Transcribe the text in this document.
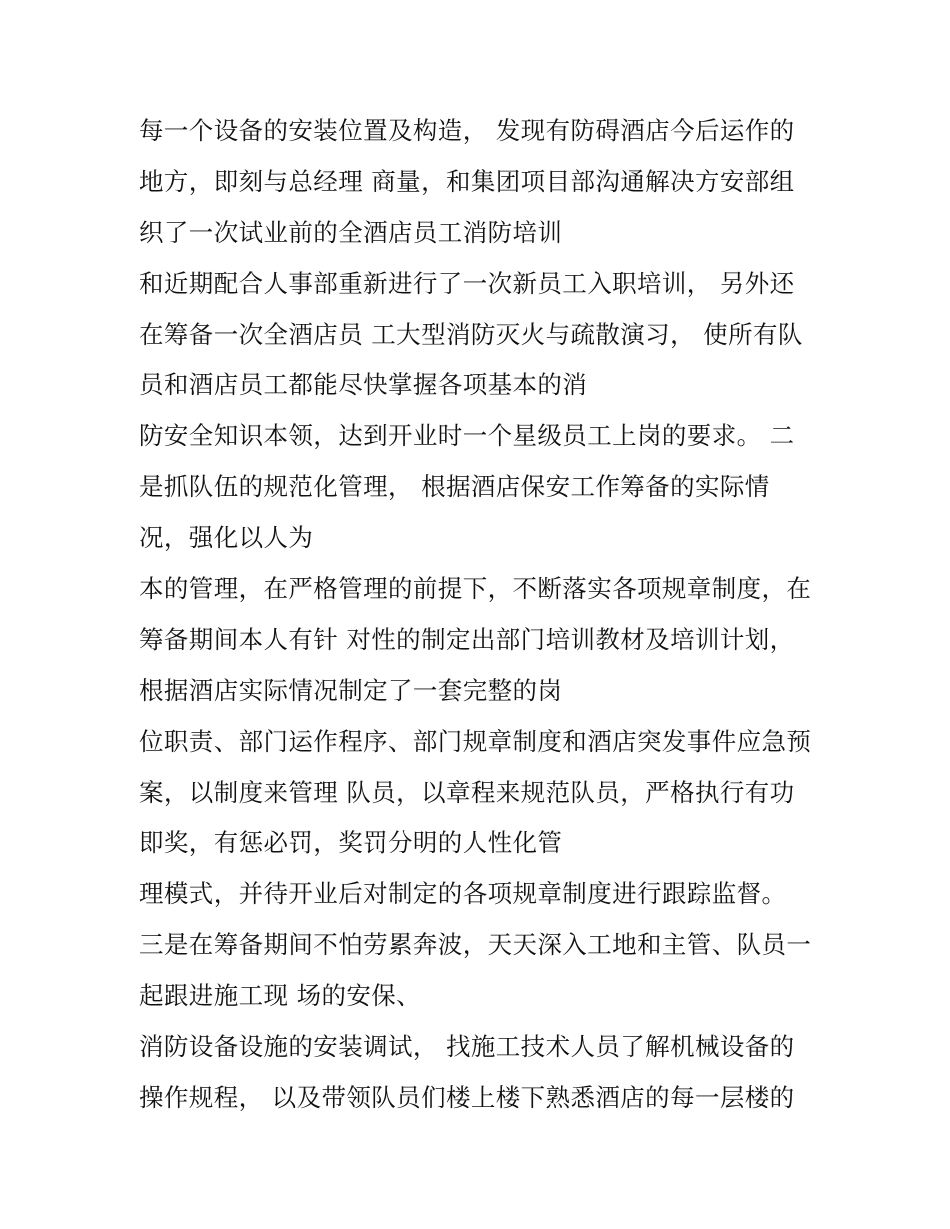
每一个设备的安装位置及构造， 发现有防碍酒店今后运作的
地方，即刻与总经理 商量，和集团项目部沟通解决方安部组
织了一次试业前的全酒店员工消防培训
和近期配合人事部重新进行了一次新员工入职培训， 另外还
在筹备一次全酒店员 工大型消防灭火与疏散演习， 使所有队
员和酒店员工都能尽快掌握各项基本的消
防安全知识本领，达到开业时一个星级员工上岗的要求。 二
是抓队伍的规范化管理， 根据酒店保安工作筹备的实际情
况，强化以人为
本的管理，在严格管理的前提下，不断落实各项规章制度，在
筹备期间本人有针 对性的制定出部门培训教材及培训计划，
根据酒店实际情况制定了一套完整的岗
位职责、部门运作程序、部门规章制度和酒店突发事件应急预
案，以制度来管理 队员，以章程来规范队员，严格执行有功
即奖，有惩必罚，奖罚分明的人性化管
理模式，并待开业后对制定的各项规章制度进行跟踪监督。
三是在筹备期间不怕劳累奔波，天天深入工地和主管、队员一
起跟进施工现 场的安保、
消防设备设施的安装调试， 找施工技术人员了解机械设备的
操作规程， 以及带领队员们楼上楼下熟悉酒店的每一层楼的
